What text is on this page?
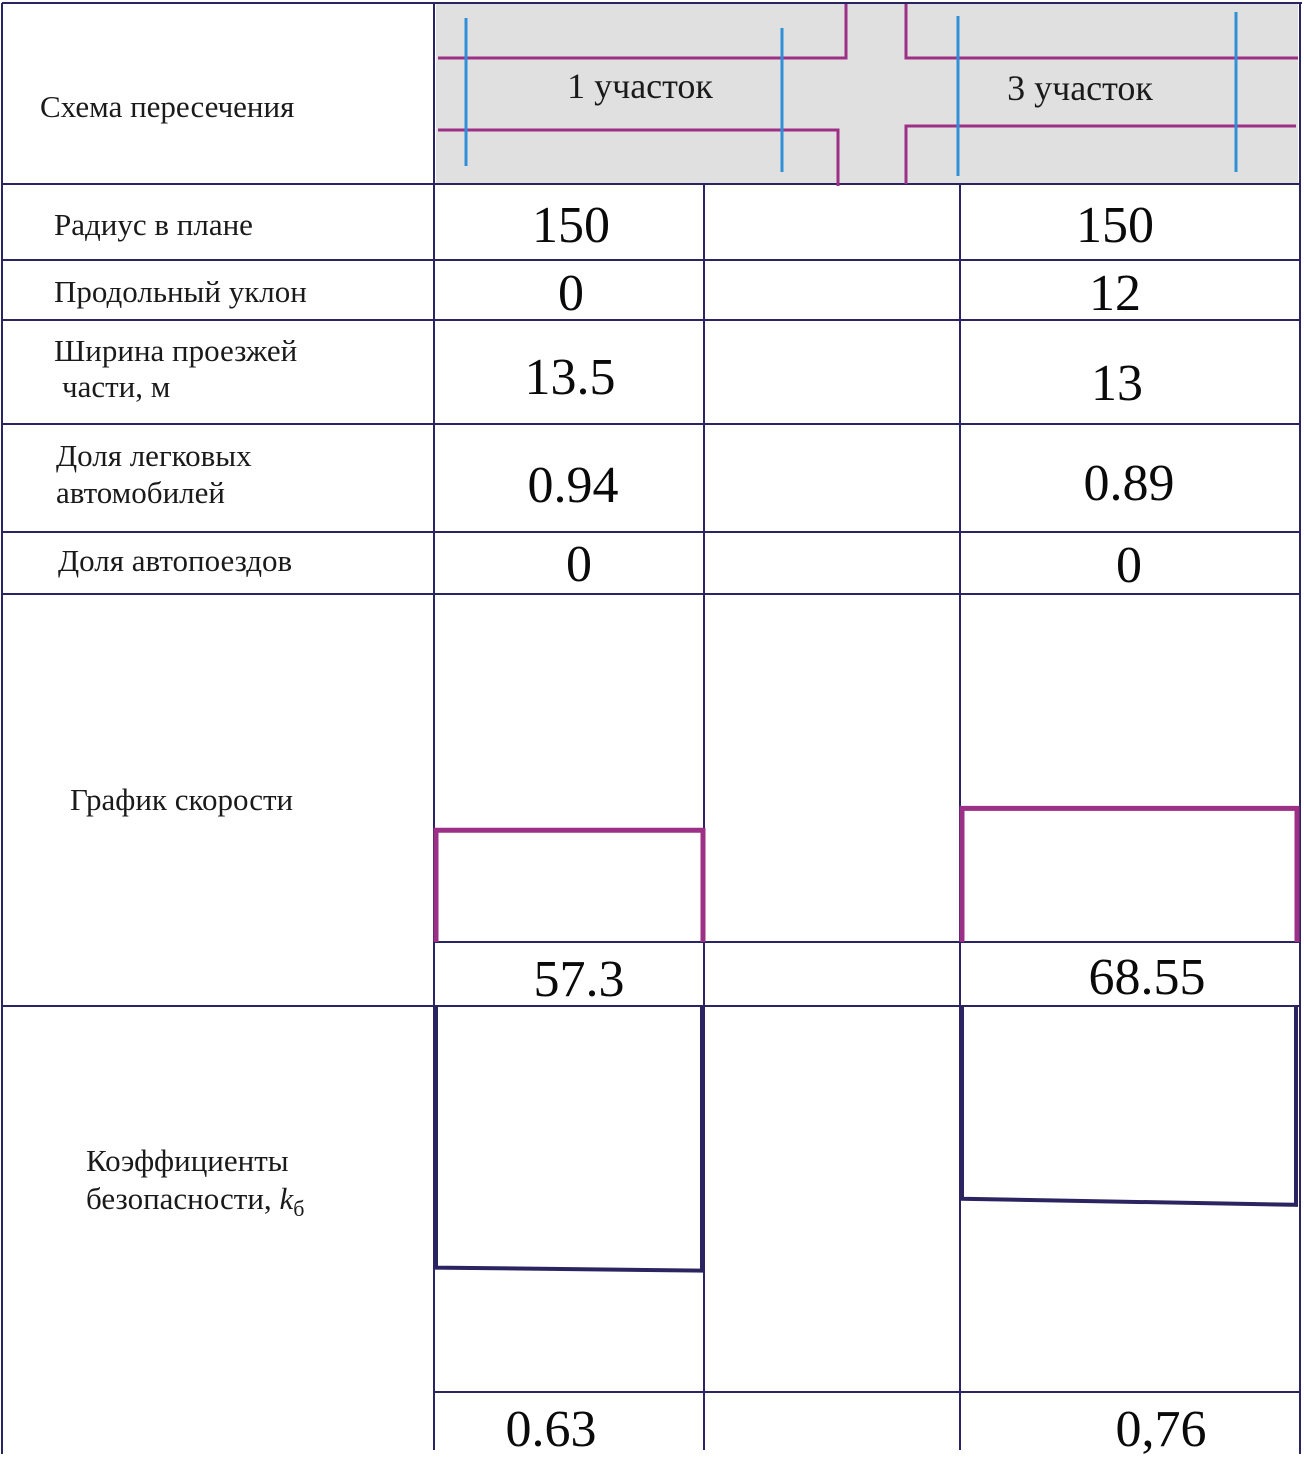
1 участок	3 участок
Схема пересечения
Радиус в плане
Продольный уклон
Ширина проезжей
части, м
Доля легковых
автомобилей
Доля автопоездов
График скорости
Коэффициенты
безопасности, $k_б$
150
0
13.5
0.94
0
57.3
0.63
150
12
13
0.89
0
68.55
0,76
